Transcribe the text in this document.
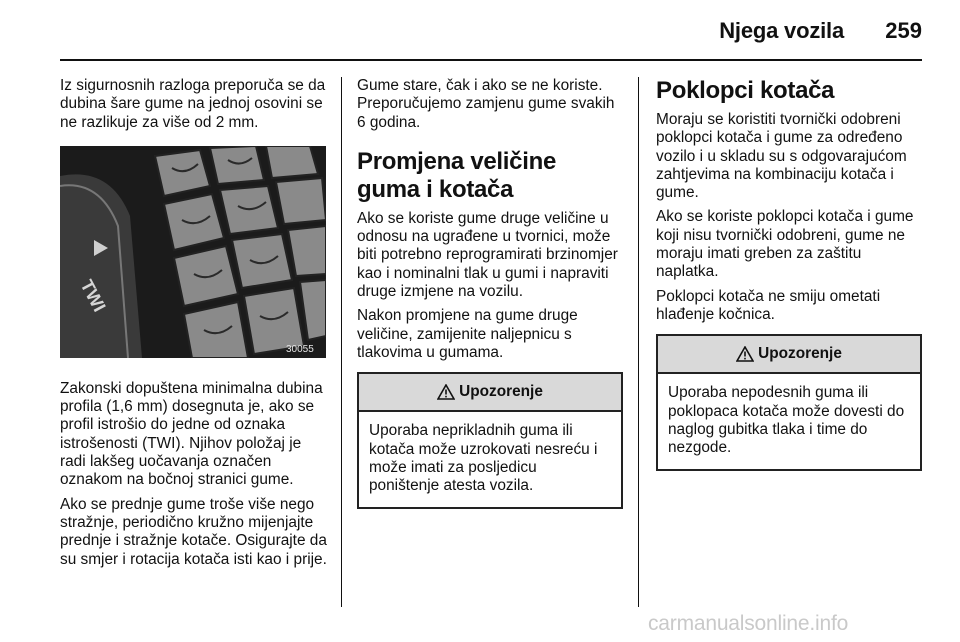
Njega vozila 259

Iz sigurnosnih razloga preporuča se da dubina šare gume na jednoj osovini se ne razlikuje za više od 2 mm.

TWI
30055

Zakonski dopuštena minimalna dubina profila (1,6 mm) dosegnuta je, ako se profil istrošio do jedne od oznaka istrošenosti (TWI). Njihov položaj je radi lakšeg uočavanja označen oznakom na bočnoj stranici gume.

Ako se prednje gume troše više nego stražnje, periodično kružno mijenjajte prednje i stražnje kotače. Osigurajte da su smjer i rotacija kotača isti kao i prije.

Gume stare, čak i ako se ne koriste. Preporučujemo zamjenu gume svakih 6 godina.

Promjena veličine guma i kotača

Ako se koriste gume druge veličine u odnosu na ugrađene u tvornici, može biti potrebno reprogramirati brzinomjer kao i nominalni tlak u gumi i napraviti druge izmjene na vozilu.

Nakon promjene na gume druge veličine, zamijenite naljepnicu s tlakovima u gumama.

Upozorenje
Uporaba neprikladnih guma ili kotača može uzrokovati nesreću i može imati za posljedicu poništenje atesta vozila.
Poklopci kotača

Moraju se koristiti tvornički odobreni poklopci kotača i gume za određeno vozilo i u skladu su s odgovarajućom zahtjevima na kombinaciju kotača i gume.

Ako se koriste poklopci kotača i gume koji nisu tvornički odobreni, gume ne moraju imati greben za zaštitu naplatka.

Poklopci kotača ne smiju ometati hlađenje kočnica.

Upozorenje
Uporaba nepodesnih guma ili poklopaca kotača može dovesti do naglog gubitka tlaka i time do nezgode.
carmanualsonline.info
